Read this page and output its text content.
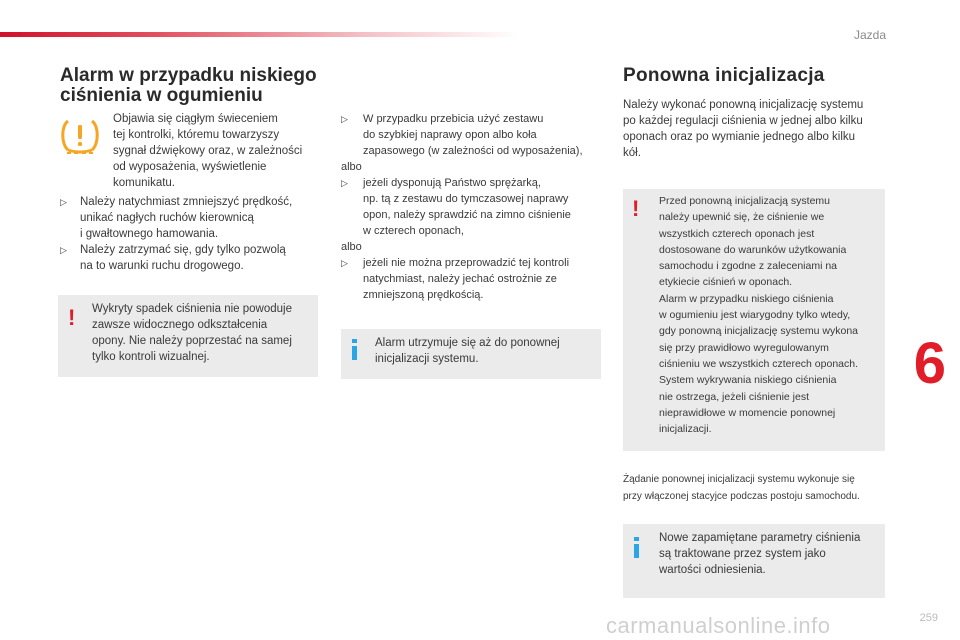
Jazda
Alarm w przypadku niskiego ciśnienia w ogumieniu
Objawia się ciągłym świeceniem
tej kontrolki, któremu towarzyszy
sygnał dźwiękowy oraz, w zależności
od wyposażenia, wyświetlenie
komunikatu.
▷ Należy natychmiast zmniejszyć prędkość,
unikać nagłych ruchów kierownicą
i gwałtownego hamowania.
▷ Należy zatrzymać się, gdy tylko pozwolą
na to warunki ruchu drogowego.
! Wykryty spadek ciśnienia nie powoduje
zawsze widocznego odkształcenia
opony. Nie należy poprzestać na samej
tylko kontroli wizualnej.
▷ W przypadku przebicia użyć zestawu
do szybkiej naprawy opon albo koła
zapasowego (w zależności od wyposażenia),
albo
▷ jeżeli dysponują Państwo sprężarką,
np. tą z zestawu do tymczasowej naprawy
opon, należy sprawdzić na zimno ciśnienie
w czterech oponach,
albo
▷ jeżeli nie można przeprowadzić tej kontroli
natychmiast, należy jechać ostrożnie ze
zmniejszoną prędkością.
Alarm utrzymuje się aż do ponownej
inicjalizacji systemu.
Ponowna inicjalizacja
Należy wykonać ponowną inicjalizację systemu
po każdej regulacji ciśnienia w jednej albo kilku
oponach oraz po wymianie jednego albo kilku
kół.
! Przed ponowną inicjalizacją systemu
należy upewnić się, że ciśnienie we
wszystkich czterech oponach jest
dostosowane do warunków użytkowania
samochodu i zgodne z zaleceniami na
etykiecie ciśnień w oponach.
Alarm w przypadku niskiego ciśnienia
w ogumieniu jest wiarygodny tylko wtedy,
gdy ponowną inicjalizację systemu wykona
się przy prawidłowo wyregulowanym
ciśnieniu we wszystkich czterech oponach.
System wykrywania niskiego ciśnienia
nie ostrzega, jeżeli ciśnienie jest
nieprawidłowe w momencie ponownej
inicjalizacji.
Żądanie ponownej inicjalizacji systemu wykonuje się
przy włączonej stacyjce podczas postoju samochodu.
Nowe zapamiętane parametry ciśnienia
są traktowane przez system jako
wartości odniesienia.
6
carmanualsonline.info	259
